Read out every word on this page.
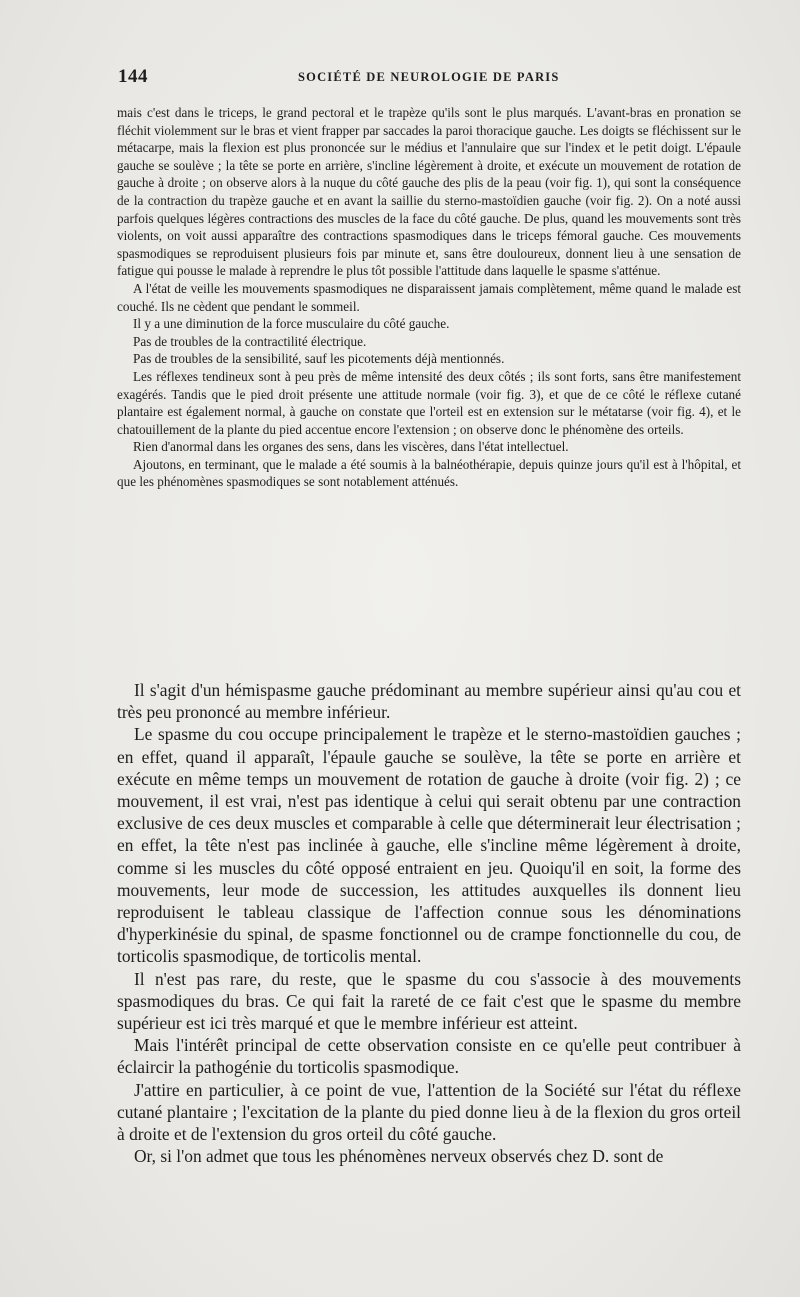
144	SOCIÉTÉ DE NEUROLOGIE DE PARIS

mais c'est dans le triceps, le grand pectoral et le trapèze qu'ils sont le plus marqués. L'avant-bras en pronation se fléchit violemment sur le bras et vient frapper par saccades la paroi thoracique gauche. Les doigts se fléchissent sur le métacarpe, mais la flexion est plus prononcée sur le médius et l'annulaire que sur l'index et le petit doigt. L'épaule gauche se soulève ; la tête se porte en arrière, s'incline légèrement à droite, et exécute un mouvement de rotation de gauche à droite ; on observe alors à la nuque du côté gauche des plis de la peau (voir fig. 1), qui sont la conséquence de la contraction du trapèze gauche et en avant la saillie du sterno-mastoïdien gauche (voir fig. 2). On a noté aussi parfois quelques légères contractions des muscles de la face du côté gauche. De plus, quand les mouvements sont très violents, on voit aussi apparaître des contractions spasmodiques dans le triceps fémoral gauche. Ces mouvements spasmodiques se reproduisent plusieurs fois par minute et, sans être douloureux, donnent lieu à une sensation de fatigue qui pousse le malade à reprendre le plus tôt possible l'attitude dans laquelle le spasme s'atténue.

A l'état de veille les mouvements spasmodiques ne disparaissent jamais complètement, même quand le malade est couché. Ils ne cèdent que pendant le sommeil.

Il y a une diminution de la force musculaire du côté gauche.

Pas de troubles de la contractilité électrique.

Pas de troubles de la sensibilité, sauf les picotements déjà mentionnés.

Les réflexes tendineux sont à peu près de même intensité des deux côtés ; ils sont forts, sans être manifestement exagérés. Tandis que le pied droit présente une attitude normale (voir fig. 3), et que de ce côté le réflexe cutané plantaire est également normal, à gauche on constate que l'orteil est en extension sur le métatarse (voir fig. 4), et le chatouillement de la plante du pied accentue encore l'extension ; on observe donc le phénomène des orteils.

Rien d'anormal dans les organes des sens, dans les viscères, dans l'état intellectuel.

Ajoutons, en terminant, que le malade a été soumis à la balnéothérapie, depuis quinze jours qu'il est à l'hôpital, et que les phénomènes spasmodiques se sont notablement atténués.

Il s'agit d'un hémispasme gauche prédominant au membre supérieur ainsi qu'au cou et très peu prononcé au membre inférieur.

Le spasme du cou occupe principalement le trapèze et le sterno-mastoïdien gauches ; en effet, quand il apparaît, l'épaule gauche se soulève, la tête se porte en arrière et exécute en même temps un mouvement de rotation de gauche à droite (voir fig. 2) ; ce mouvement, il est vrai, n'est pas identique à celui qui serait obtenu par une contraction exclusive de ces deux muscles et comparable à celle que déterminerait leur électrisation ; en effet, la tête n'est pas inclinée à gauche, elle s'incline même légèrement à droite, comme si les muscles du côté opposé entraient en jeu. Quoiqu'il en soit, la forme des mouvements, leur mode de succession, les attitudes auxquelles ils donnent lieu reproduisent le tableau classique de l'affection connue sous les dénominations d'hyperkinésie du spinal, de spasme fonctionnel ou de crampe fonctionnelle du cou, de torticolis spasmodique, de torticolis mental.

Il n'est pas rare, du reste, que le spasme du cou s'associe à des mouvements spasmodiques du bras. Ce qui fait la rareté de ce fait c'est que le spasme du membre supérieur est ici très marqué et que le membre inférieur est atteint.

Mais l'intérêt principal de cette observation consiste en ce qu'elle peut contribuer à éclaircir la pathogénie du torticolis spasmodique.

J'attire en particulier, à ce point de vue, l'attention de la Société sur l'état du réflexe cutané plantaire ; l'excitation de la plante du pied donne lieu à de la flexion du gros orteil à droite et de l'extension du gros orteil du côté gauche.

Or, si l'on admet que tous les phénomènes nerveux observés chez D. sont de
